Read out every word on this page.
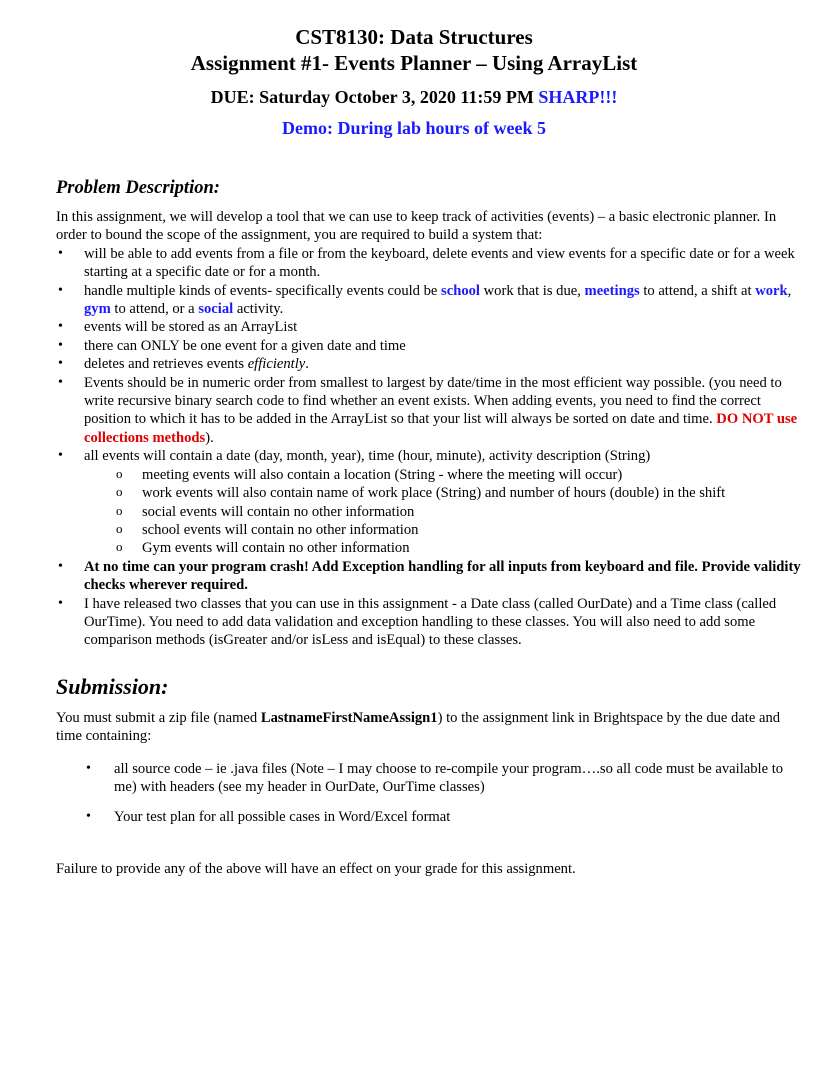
CST8130: Data Structures
Assignment #1- Events Planner – Using ArrayList
DUE: Saturday October 3, 2020 11:59 PM SHARP!!!
Demo: During lab hours of week 5
Problem Description:
In this assignment, we will develop a tool that we can use to keep track of activities (events) – a basic electronic planner. In order to bound the scope of the assignment, you are required to build a system that:
• will be able to add events from a file or from the keyboard, delete events and view events for a specific date or for a week starting at a specific date or for a month.
• handle multiple kinds of events- specifically events could be school work that is due, meetings to attend, a shift at work, gym to attend, or a social activity.
• events will be stored as an ArrayList
• there can ONLY be one event for a given date and time
• deletes and retrieves events efficiently.
• Events should be in numeric order from smallest to largest by date/time in the most efficient way possible. (you need to write recursive binary search code to find whether an event exists. When adding events, you need to find the correct position to which it has to be added in the ArrayList so that your list will always be sorted on date and time. DO NOT use collections methods).
• all events will contain a date (day, month, year), time (hour, minute), activity description (String)
o meeting events will also contain a location (String - where the meeting will occur)
o work events will also contain name of work place (String) and number of hours (double) in the shift
o social events will contain no other information
o school events will contain no other information
o Gym events will contain no other information
• At no time can your program crash! Add Exception handling for all inputs from keyboard and file. Provide validity checks wherever required.
• I have released two classes that you can use in this assignment - a Date class (called OurDate) and a Time class (called OurTime). You need to add data validation and exception handling to these classes. You will also need to add some comparison methods (isGreater and/or isLess and isEqual) to these classes.
Submission:
You must submit a zip file (named LastnameFirstNameAssign1) to the assignment link in Brightspace by the due date and time containing:
• all source code – ie .java files (Note – I may choose to re-compile your program….so all code must be available to me) with headers (see my header in OurDate, OurTime classes)
• Your test plan for all possible cases in Word/Excel format
Failure to provide any of the above will have an effect on your grade for this assignment.
